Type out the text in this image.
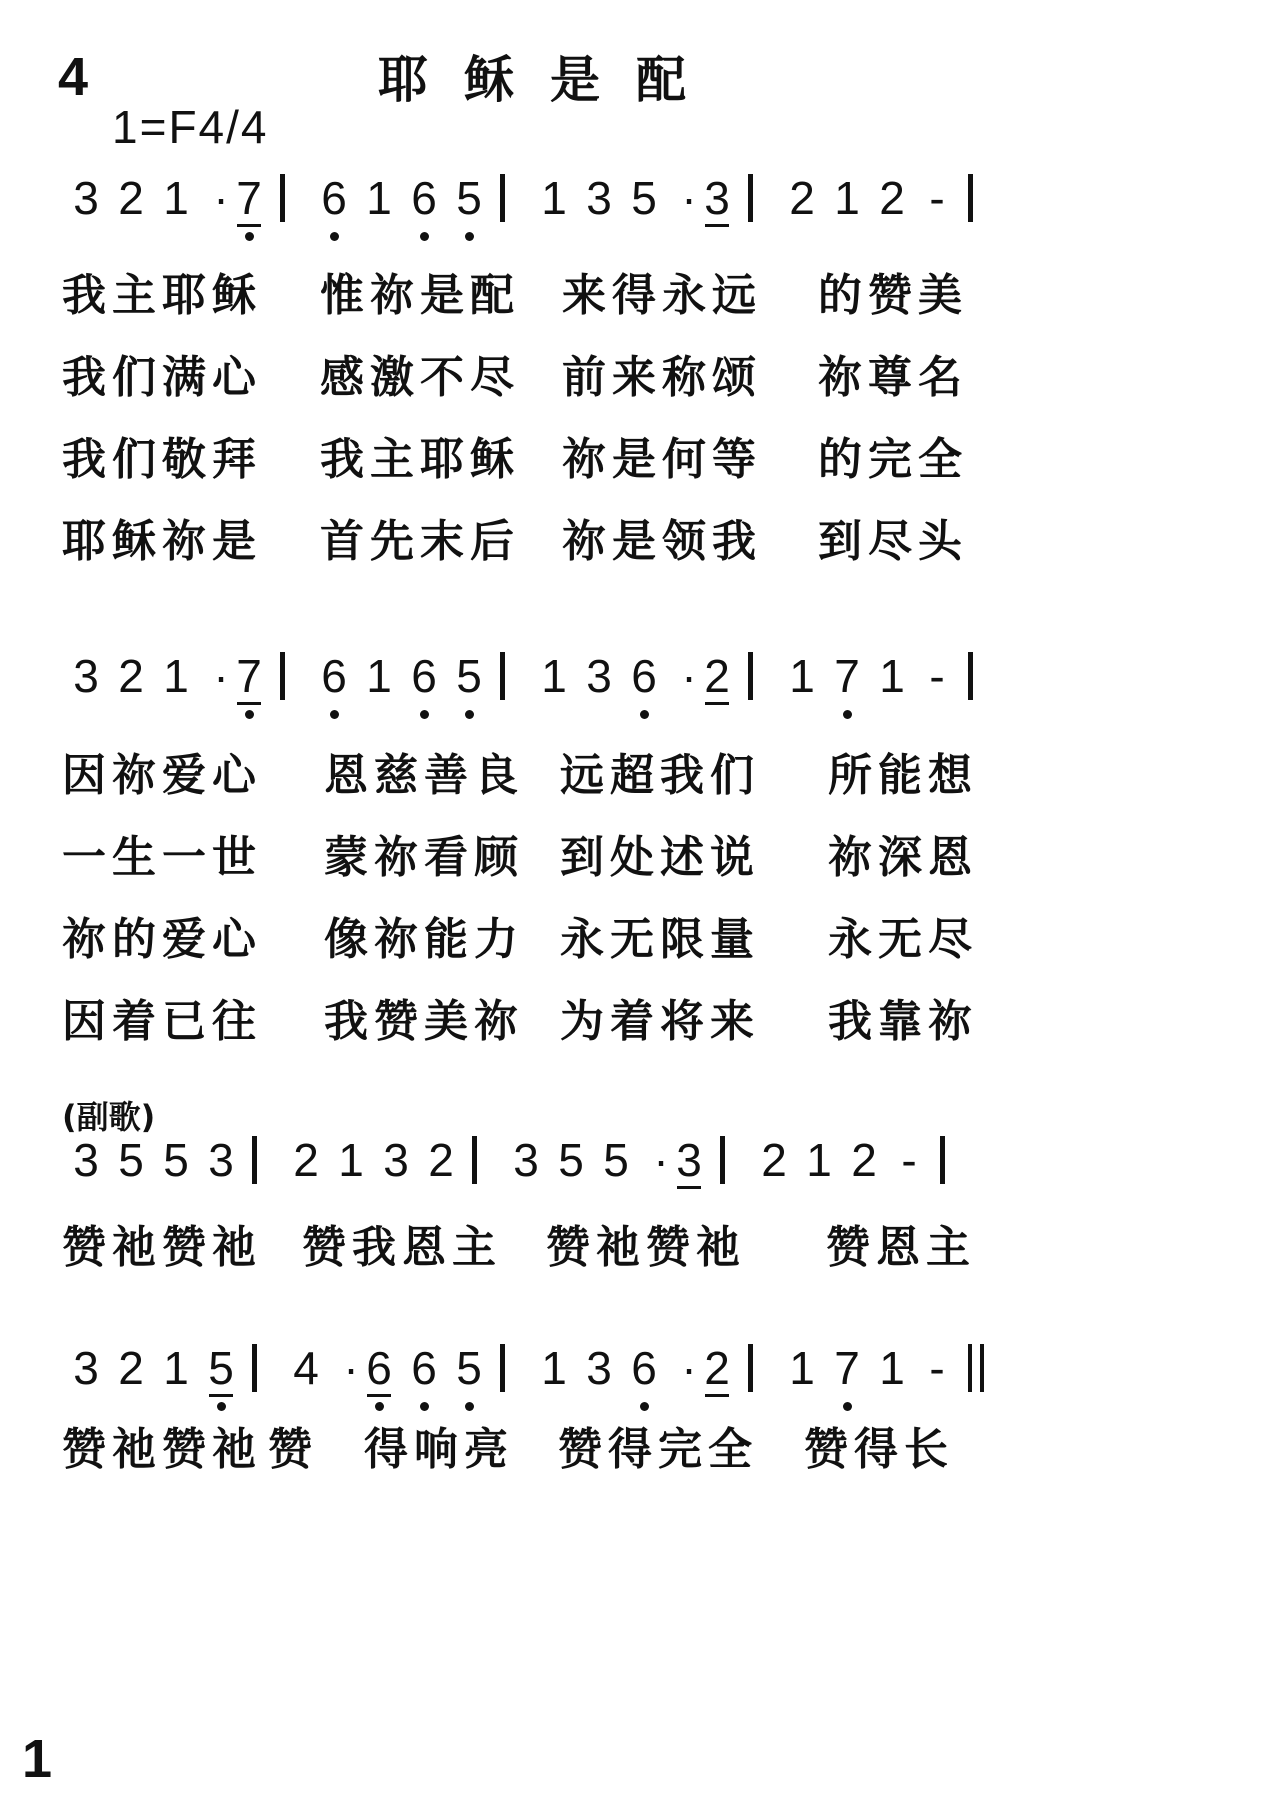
4	耶稣是配
1=F4/4
3 2 1 · 7 6 1 6 5 1 3 5 · 3 2 1 2 -
我主耶稣 惟祢是配 来得永远 的赞美
我们满心 感激不尽 前来称颂 祢尊名
我们敬拜 我主耶稣 祢是何等 的完全
耶稣祢是 首先末后 祢是领我 到尽头
3 2 1 · 7 6 1 6 5 1 3 6 · 2 1 7 1 -
因祢爱心 恩慈善良 远超我们 所能想
一生一世 蒙祢看顾 到处述说 祢深恩
祢的爱心 像祢能力 永无限量 永无尽
因着已往 我赞美祢 为着将来 我靠祢
(副歌)
3 5 5 3 2 1 3 2 3 5 5 · 3 2 1 2 -
赞祂赞祂 赞我恩主 赞祂赞祂 赞恩主
3 2 1 5 4 · 6 6 5 1 3 6 · 2 1 7 1 -
赞祂赞祂 赞 得响亮 赞得完全 赞得长
1
